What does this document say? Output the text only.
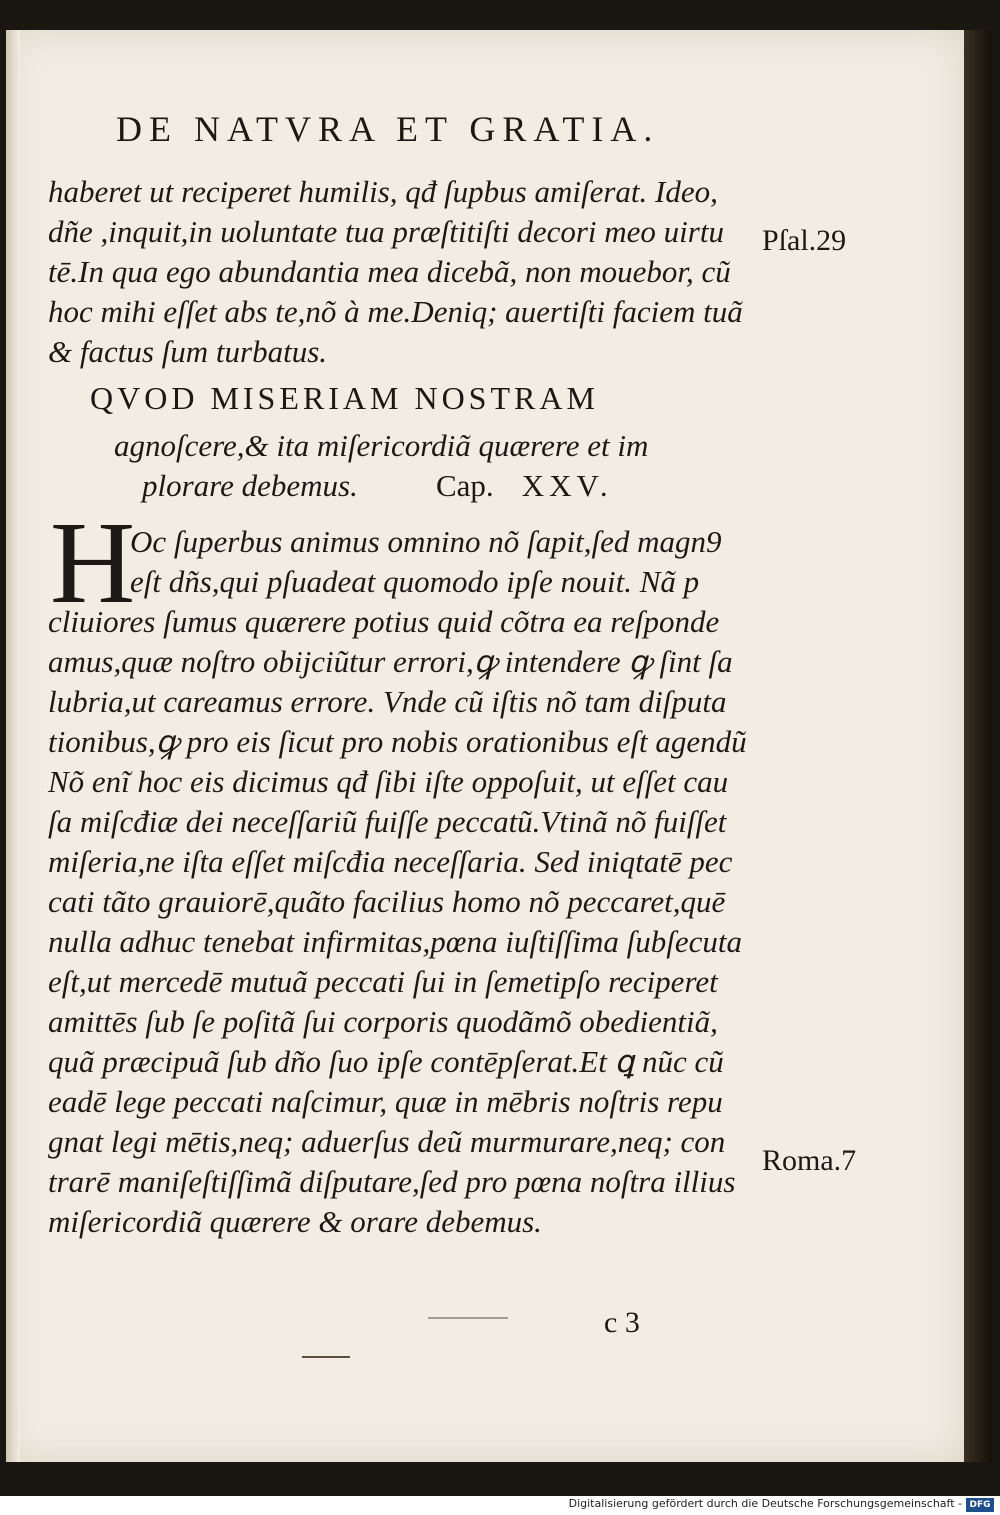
DE NATVRA ET GRATIA.
haberet ut reciperet humilis, qđ ſupbus amiſerat. Ideo,
dñe ,inquit,in uoluntate tua præſtitiſti decori meo uirtu
tē.In qua ego abundantia mea dicebã, non mouebor, cũ
hoc mihi eſſet abs te,nõ à me.Deniq; auertiſti faciem tuã
& factus ſum turbatus.
Pſal.29
QVOD MISERIAM NOSTRAM
agnoſcere,& ita miſericordiã quærere et im
plorare debemus.	Cap. XXV.
H
Oc ſuperbus animus omnino nõ ſapit,ſed magn9
eſt dñs,qui pſuadeat quomodo ipſe nouit. Nã p
cliuiores ſumus quærere potius quid cõtra ea reſponde
amus,quæ noſtro obijciũtur errori,ꝙ intendere ꝙ ſint ſa
lubria,ut careamus errore. Vnde cũ iſtis nõ tam diſputa
tionibus,ꝙ pro eis ſicut pro nobis orationibus eſt agendũ
Nõ enĩ hoc eis dicimus qđ ſibi iſte oppoſuit, ut eſſet cau
ſa miſcđiæ dei neceſſariũ fuiſſe peccatũ.Vtinã nõ fuiſſet
miſeria,ne iſta eſſet miſcđia neceſſaria. Sed iniqtatē pec
cati tãto grauiorē,quãto facilius homo nõ peccaret,quē
nulla adhuc tenebat infirmitas,pœna iuſtiſſima ſubſecuta
eſt,ut mercedē mutuã peccati ſui in ſemetipſo reciperet
amittēs ſub ſe poſitã ſui corporis quodãmõ obedientiã,
quã præcipuã ſub dño ſuo ipſe contēpſerat.Et ꝗ nũc cũ
eadē lege peccati naſcimur, quæ in mēbris noſtris repu
gnat legi mētis,neq; aduerſus deũ murmurare,neq; con
trarē maniſeſtiſſimã diſputare,ſed pro pœna noſtra illius
miſericordiã quærere & orare debemus.
Roma.7
c 3
Digitalisierung gefördert durch die Deutsche Forschungsgemeinschaft - DFG
